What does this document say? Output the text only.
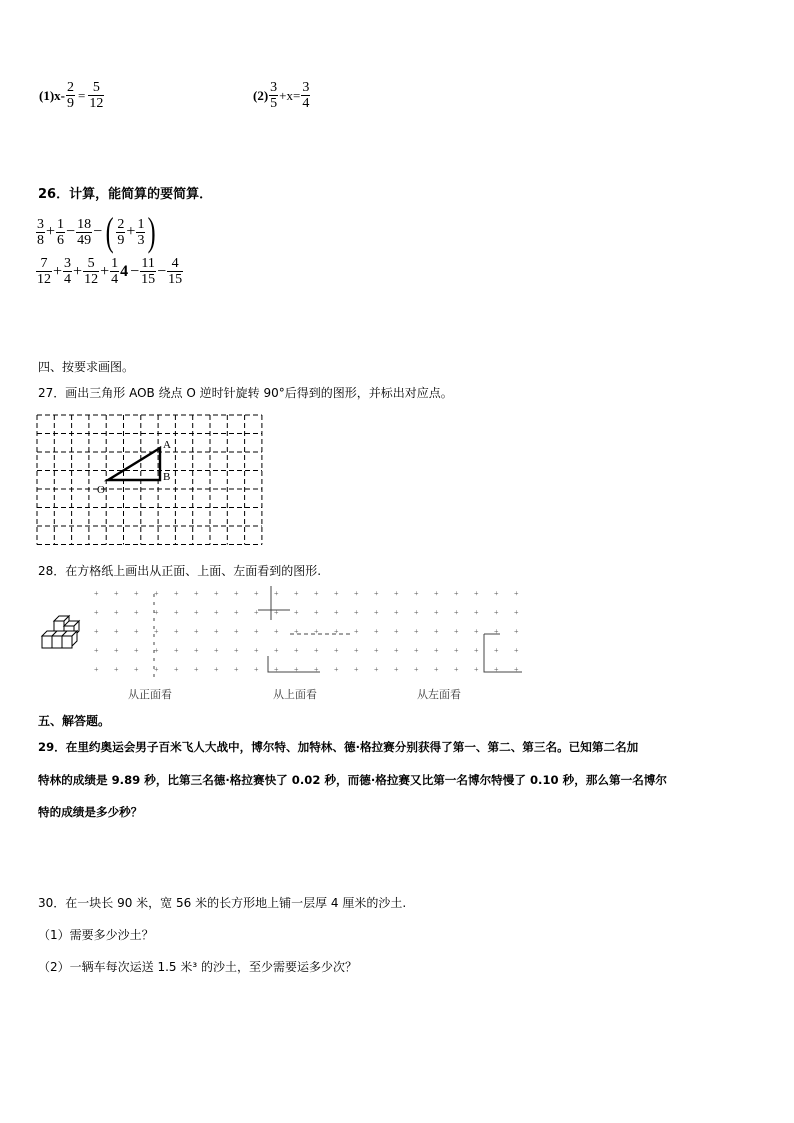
$(1)x- \frac{2}{9} = \frac{5}{12}$	$(2) \frac{3}{5} +x= \frac{3}{4}$
26．计算，能简算的要简算．
$\frac{3}{8} + \frac{1}{6} - \frac{18}{49}$ − ( $\frac{2}{9} + \frac{1}{3}$ )
$\frac{7}{12} + \frac{3}{4} + \frac{5}{12} + \frac{1}{4} 4 - \frac{11}{15} - \frac{4}{15}$
四、按要求画图。
27．画出三角形 AOB 绕点 O 逆时针旋转 90°后得到的图形，并标出对应点。
A
B
O
28．在方格纸上画出从正面、上面、左面看到的图形.
+ + + + + + + + + + + + + + + + + + + + + +
+ + + + + + + + + + + + + + + + + + + + + +
+ + + + + + + + + + + + + + + + + + + + + +
+ + + + + + + + + + + + + + + + + + + + + +
+ + + + + + + + + + + + + + + + + + + + + +
从正面看	从上面看	从左面看
五、解答题。
29．在里约奥运会男子百米飞人大战中，博尔特、加特林、德·格拉赛分别获得了第一、第二、第三名。已知第二名加
特林的成绩是 9.89 秒，比第三名德·格拉赛快了 0.02 秒，而德·格拉赛又比第一名博尔特慢了 0.10 秒，那么第一名博尔
特的成绩是多少秒？
30．在一块长 90 米，宽 56 米的长方形地上铺一层厚 4 厘米的沙土.
（1）需要多少沙土？
（2）一辆车每次运送 1.5 米³ 的沙土，至少需要运多少次？
